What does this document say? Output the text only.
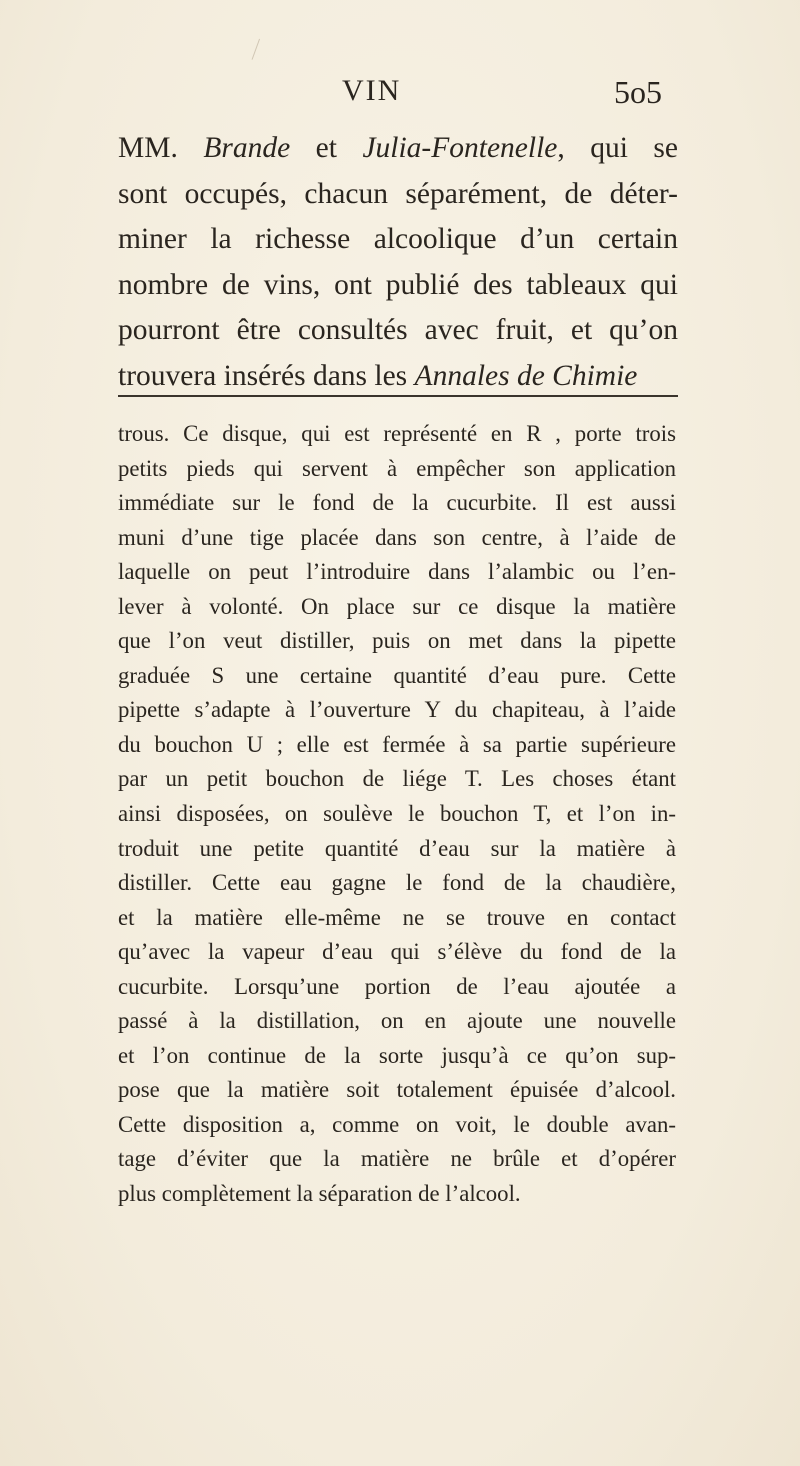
VIN	5o5
MM. Brande et Julia-Fontenelle, qui se
sont occupés, chacun séparément, de déter-
miner la richesse alcoolique d’un certain
nombre de vins, ont publié des tableaux qui
pourront être consultés avec fruit, et qu’on
trouvera insérés dans les Annales de Chimie
trous. Ce disque, qui est représenté en R , porte trois
petits pieds qui servent à empêcher son application
immédiate sur le fond de la cucurbite. Il est aussi
muni d’une tige placée dans son centre, à l’aide de
laquelle on peut l’introduire dans l’alambic ou l’en-
lever à volonté. On place sur ce disque la matière
que l’on veut distiller, puis on met dans la pipette
graduée S une certaine quantité d’eau pure. Cette
pipette s’adapte à l’ouverture Y du chapiteau, à l’aide
du bouchon U ; elle est fermée à sa partie supérieure
par un petit bouchon de liége T. Les choses étant
ainsi disposées, on soulève le bouchon T, et l’on in-
troduit une petite quantité d’eau sur la matière à
distiller. Cette eau gagne le fond de la chaudière,
et la matière elle-même ne se trouve en contact
qu’avec la vapeur d’eau qui s’élève du fond de la
cucurbite. Lorsqu’une portion de l’eau ajoutée a
passé à la distillation, on en ajoute une nouvelle
et l’on continue de la sorte jusqu’à ce qu’on sup-
pose que la matière soit totalement épuisée d’alcool.
Cette disposition a, comme on voit, le double avan-
tage d’éviter que la matière ne brûle et d’opérer
plus complètement la séparation de l’alcool.
